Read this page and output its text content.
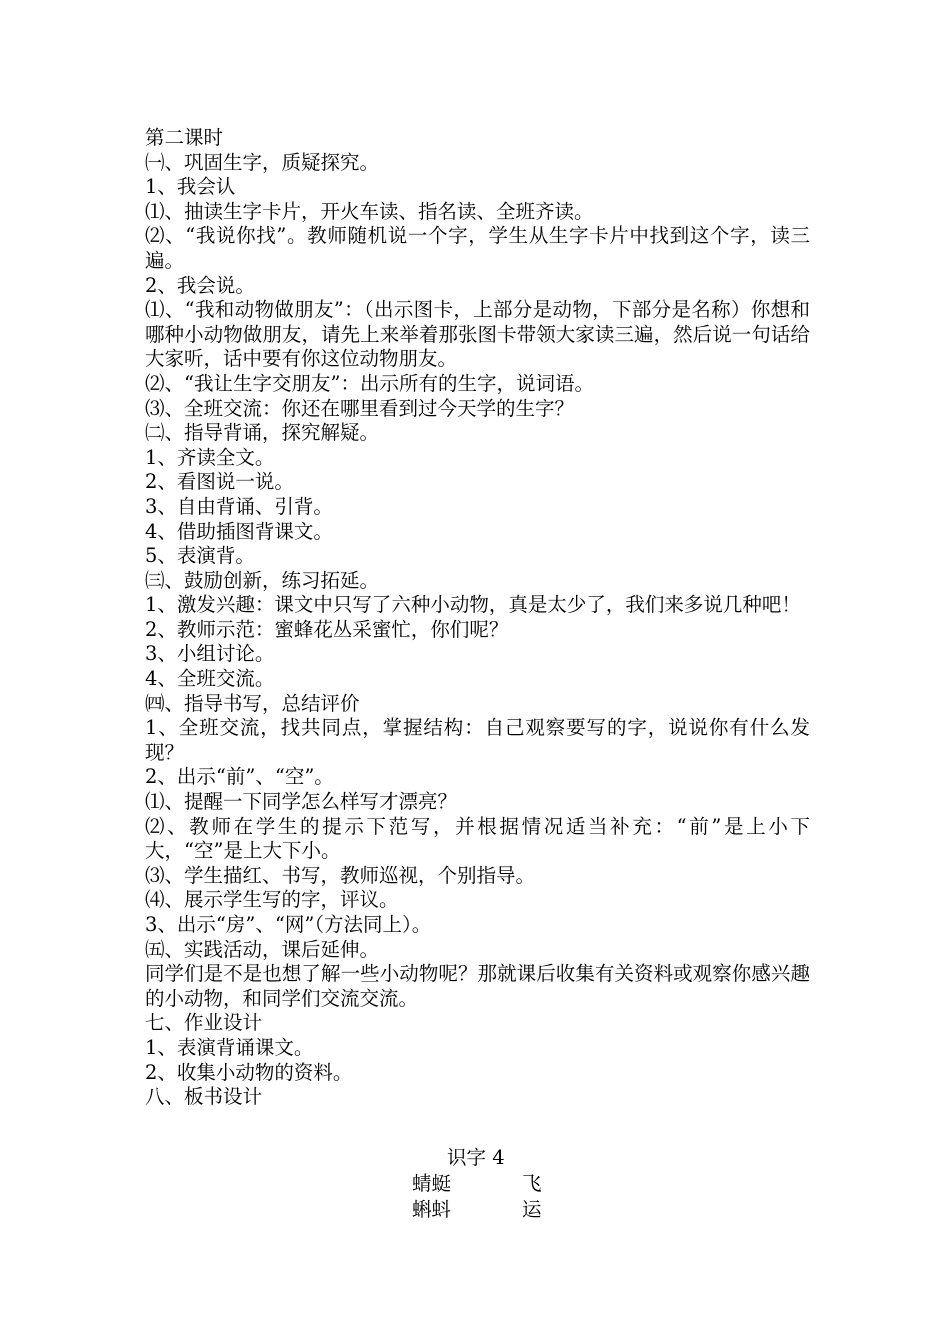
第二课时
㈠、巩固生字，质疑探究。
1、我会认
⑴、抽读生字卡片，开火车读、指名读、全班齐读。
⑵、“我说你找”。教师随机说一个字，学生从生字卡片中找到这个字，读三遍。
2、我会说。
⑴、“我和动物做朋友”：（出示图卡，上部分是动物，下部分是名称）你想和哪种小动物做朋友，请先上来举着那张图卡带领大家读三遍，然后说一句话给大家听，话中要有你这位动物朋友。
⑵、“我让生字交朋友”：出示所有的生字，说词语。
⑶、全班交流：你还在哪里看到过今天学的生字？
㈡、指导背诵，探究解疑。
1、齐读全文。
2、看图说一说。
3、自由背诵、引背。
4、借助插图背课文。
5、表演背。
㈢、鼓励创新，练习拓延。
1、激发兴趣：课文中只写了六种小动物，真是太少了，我们来多说几种吧！
2、教师示范：蜜蜂花丛采蜜忙，你们呢？
3、小组讨论。
4、全班交流。
㈣、指导书写，总结评价
1、全班交流，找共同点，掌握结构：自己观察要写的字，说说你有什么发现？
2、出示“前”、“空”。
⑴、提醒一下同学怎么样写才漂亮？
⑵、教师在学生的提示下范写，并根据情况适当补充：“前”是上小下大，“空”是上大下小。
⑶、学生描红、书写，教师巡视，个别指导。
⑷、展示学生写的字，评议。
3、出示“房”、“网”（方法同上）。
㈤、实践活动，课后延伸。
同学们是不是也想了解一些小动物呢？那就课后收集有关资料或观察你感兴趣的小动物，和同学们交流交流。
七、作业设计
1、表演背诵课文。
2、收集小动物的资料。
八、板书设计
识字 4
蜻蜓	飞
蝌蚪	运
